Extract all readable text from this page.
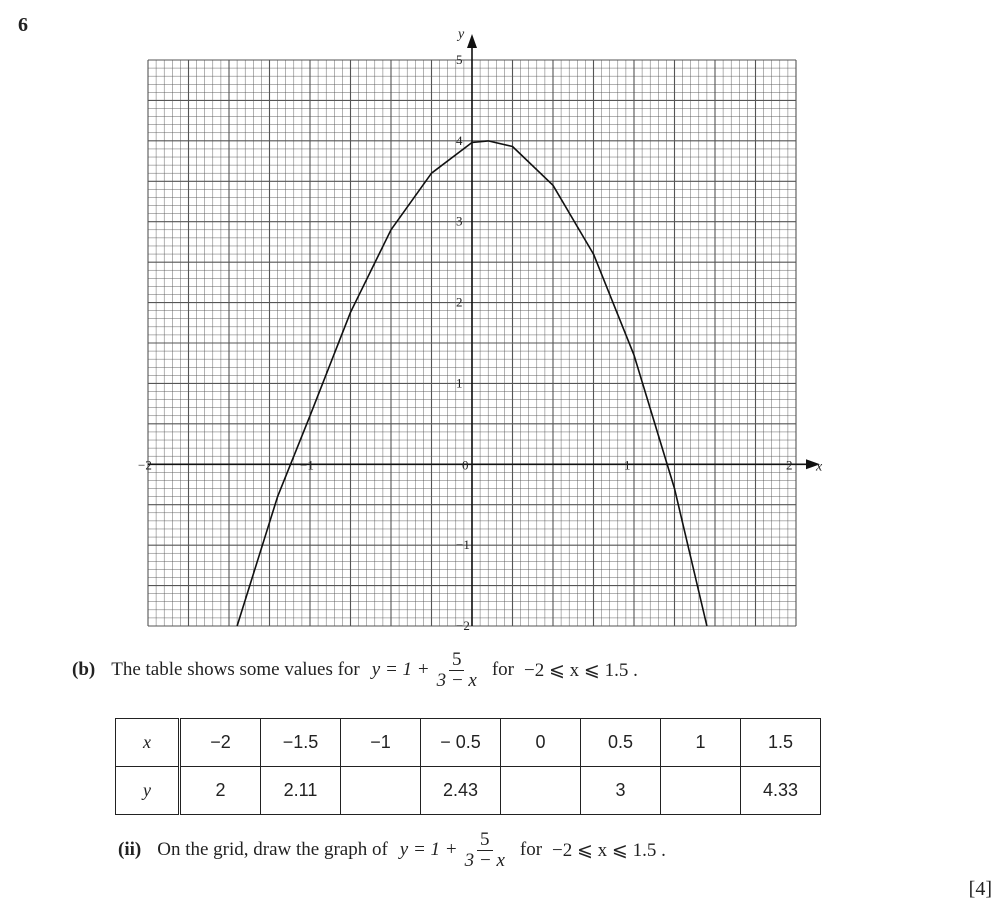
6	y
x
−2	−1	0	1	2
−2
−1
1
2
3
4
5
(b) The table shows some values for $y = 1 + \frac{5}{3 - x}$ for −2 ⩽ x ⩽ 1.5 .
x	−2	−1.5	−1	− 0.5	0	0.5	1	1.5
y	2	2.11		2.43		3		4.33
(ii) On the grid, draw the graph of $y = 1 + \frac{5}{3 - x}$ for −2 ⩽ x ⩽ 1.5 .
[4]
